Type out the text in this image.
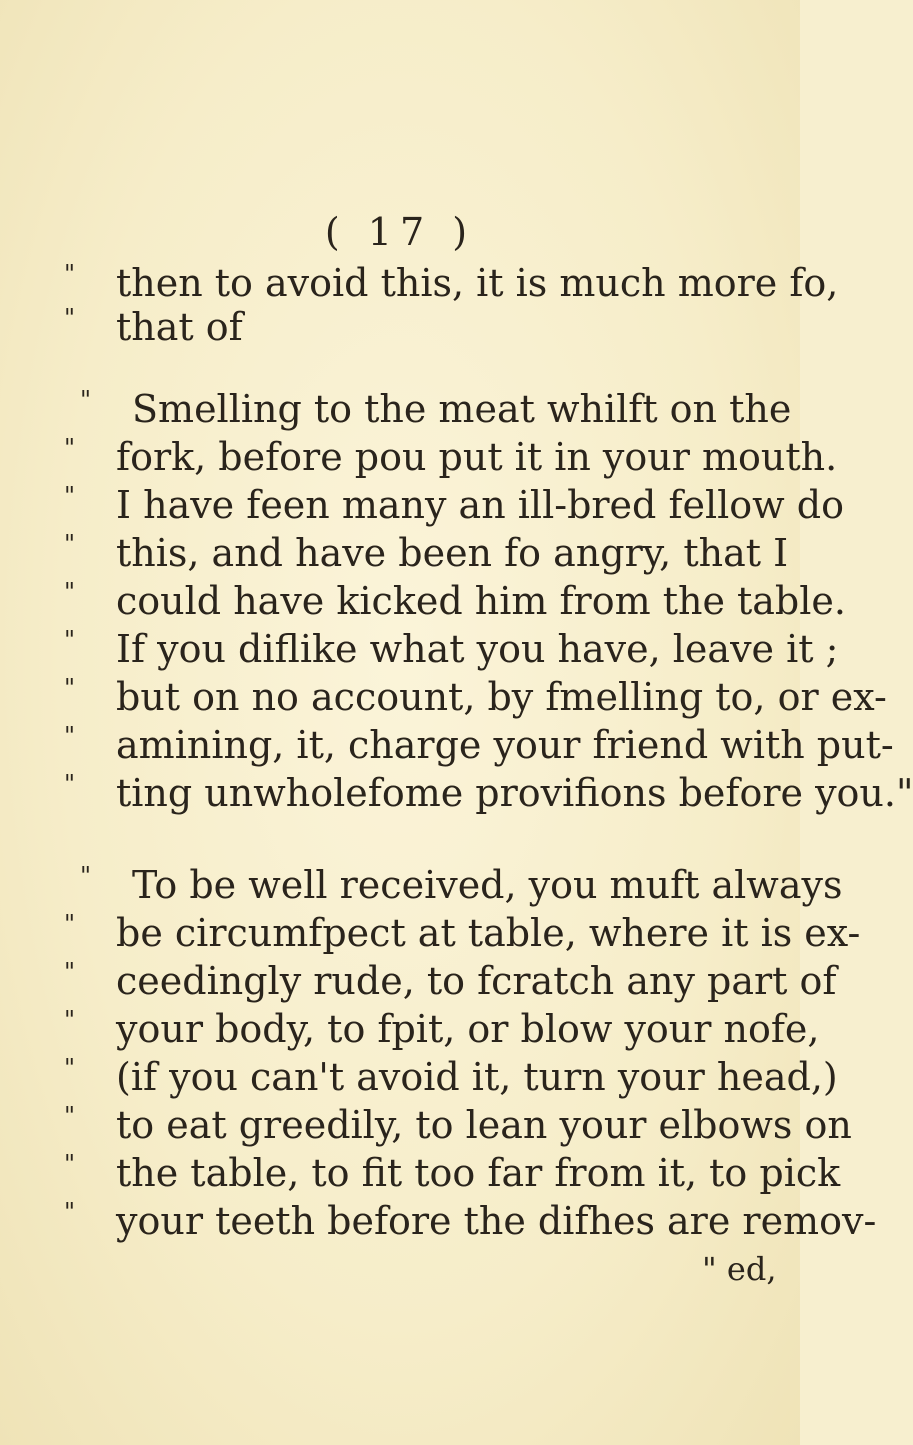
( 17 )
" then to avoid this, it is much more fo,
" that of
" Smelling to the meat whilft on the
" fork, before pou put it in your mouth.
" I have feen many an ill-bred fellow do
" this, and have been fo angry, that I
" could have kicked him from the table.
" If you diflike what you have, leave it ;
" but on no account, by fmelling to, or ex-
" amining, it, charge your friend with put-
" ting unwholefome provifions before you."
" To be well received, you muft always
" be circumfpect at table, where it is ex-
" ceedingly rude, to fcratch any part of
" your body, to fpit, or blow your nofe,
" (if you can't avoid it, turn your head,)
" to eat greedily, to lean your elbows on
" the table, to fit too far from it, to pick
" your teeth before the difhes are remov-
" ed,
